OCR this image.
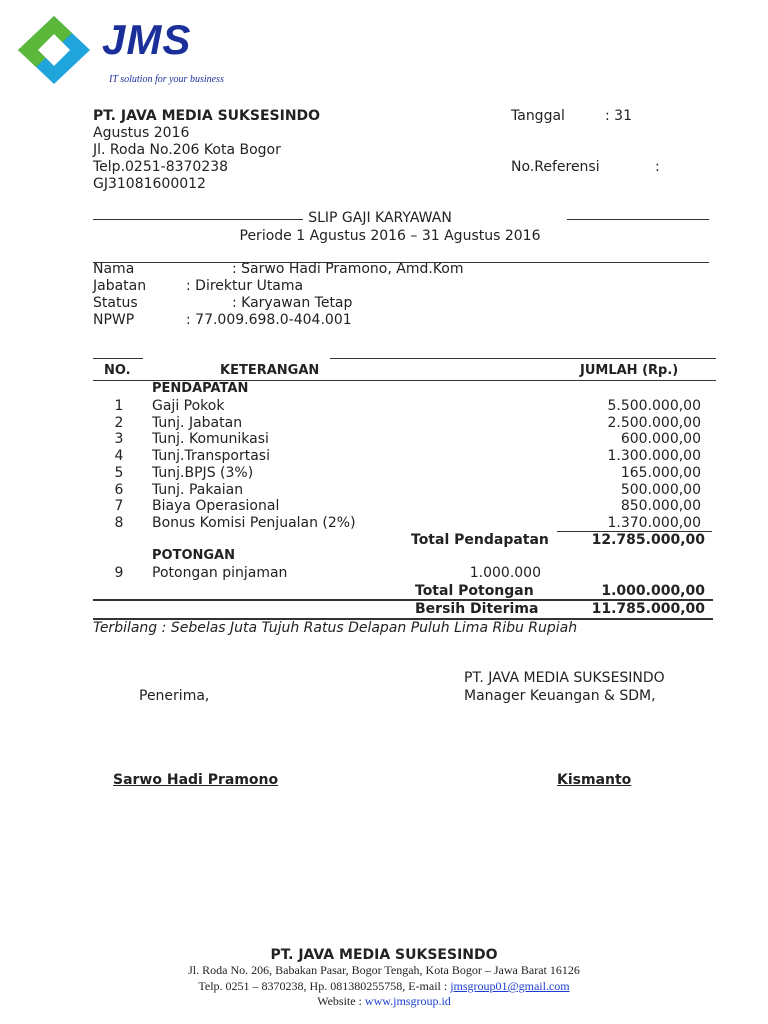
JMS
IT solution for your business
PT. JAVA MEDIA SUKSESINDO	Tanggal	: 31
Agustus 2016
Jl. Roda No.206 Kota Bogor
Telp.0251-8370238	No.Referensi	:
GJ31081600012
SLIP GAJI KARYAWAN
Periode 1 Agustus 2016 – 31 Agustus 2016
Nama	: Sarwo Hadi Pramono, Amd.Kom
Jabatan	: Direktur Utama
Status	: Karyawan Tetap
NPWP	: 77.009.698.0-404.001
NO.	KETERANGAN	JUMLAH (Rp.)
PENDAPATAN
1	Gaji Pokok	5.500.000,00
2	Tunj. Jabatan	2.500.000,00
3	Tunj. Komunikasi	600.000,00
4	Tunj.Transportasi	1.300.000,00
5	Tunj.BPJS (3%)	165.000,00
6	Tunj. Pakaian	500.000,00
7	Biaya Operasional	850.000,00
8	Bonus Komisi Penjualan (2%)	1.370.000,00
Total Pendapatan	12.785.000,00
POTONGAN
9	Potongan pinjaman	1.000.000
Total Potongan	1.000.000,00
Bersih Diterima	11.785.000,00
Terbilang : Sebelas Juta Tujuh Ratus Delapan Puluh Lima Ribu Rupiah
PT. JAVA MEDIA SUKSESINDO
Penerima,	Manager Keuangan & SDM,
Sarwo Hadi Pramono	Kismanto
PT. JAVA MEDIA SUKSESINDO
Jl. Roda No. 206, Babakan Pasar, Bogor Tengah, Kota Bogor – Jawa Barat 16126
Telp. 0251 – 8370238, Hp. 081380255758, E-mail : jmsgroup01@gmail.com
Website : www.jmsgroup.id
